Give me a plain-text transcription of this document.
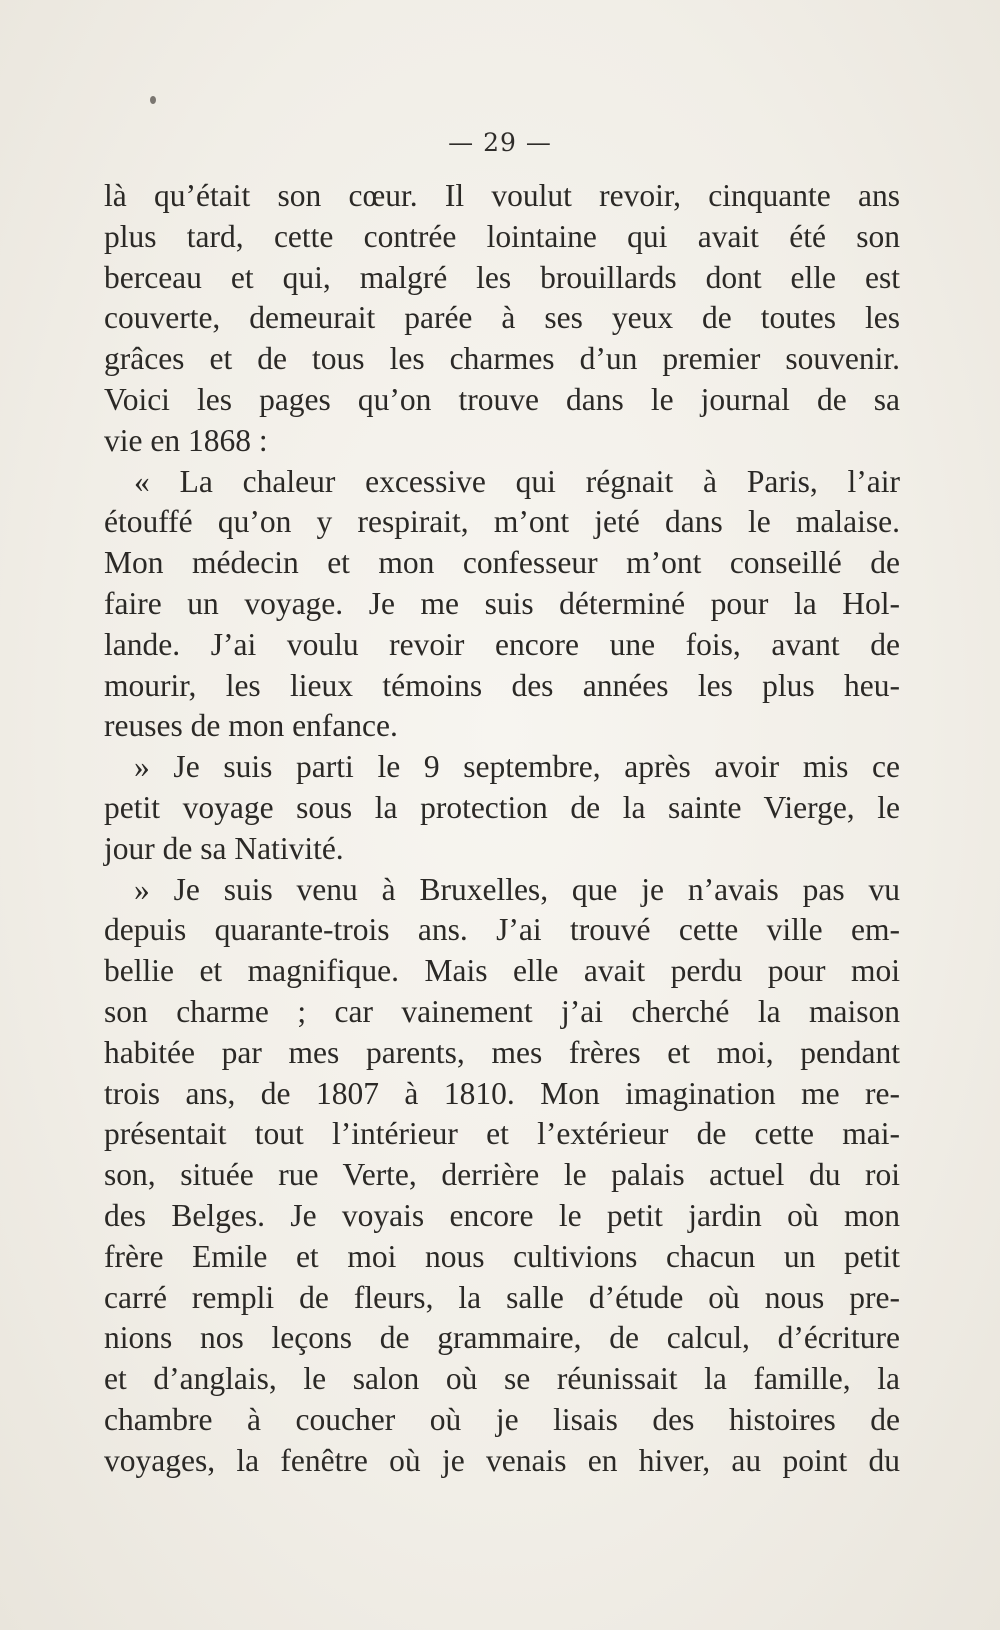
— 29 —
là qu’était son cœur. Il voulut revoir, cinquante ans
plus tard, cette contrée lointaine qui avait été son
berceau et qui, malgré les brouillards dont elle est
couverte, demeurait parée à ses yeux de toutes les
grâces et de tous les charmes d’un premier souvenir.
Voici les pages qu’on trouve dans le journal de sa
vie en 1868 :
« La chaleur excessive qui régnait à Paris, l’air
étouffé qu’on y respirait, m’ont jeté dans le malaise.
Mon médecin et mon confesseur m’ont conseillé de
faire un voyage. Je me suis déterminé pour la Hol-
lande. J’ai voulu revoir encore une fois, avant de
mourir, les lieux témoins des années les plus heu-
reuses de mon enfance.
» Je suis parti le 9 septembre, après avoir mis ce
petit voyage sous la protection de la sainte Vierge, le
jour de sa Nativité.
» Je suis venu à Bruxelles, que je n’avais pas vu
depuis quarante-trois ans. J’ai trouvé cette ville em-
bellie et magnifique. Mais elle avait perdu pour moi
son charme ; car vainement j’ai cherché la maison
habitée par mes parents, mes frères et moi, pendant
trois ans, de 1807 à 1810. Mon imagination me re-
présentait tout l’intérieur et l’extérieur de cette mai-
son, située rue Verte, derrière le palais actuel du roi
des Belges. Je voyais encore le petit jardin où mon
frère Emile et moi nous cultivions chacun un petit
carré rempli de fleurs, la salle d’étude où nous pre-
nions nos leçons de grammaire, de calcul, d’écriture
et d’anglais, le salon où se réunissait la famille, la
chambre à coucher où je lisais des histoires de
voyages, la fenêtre où je venais en hiver, au point du
